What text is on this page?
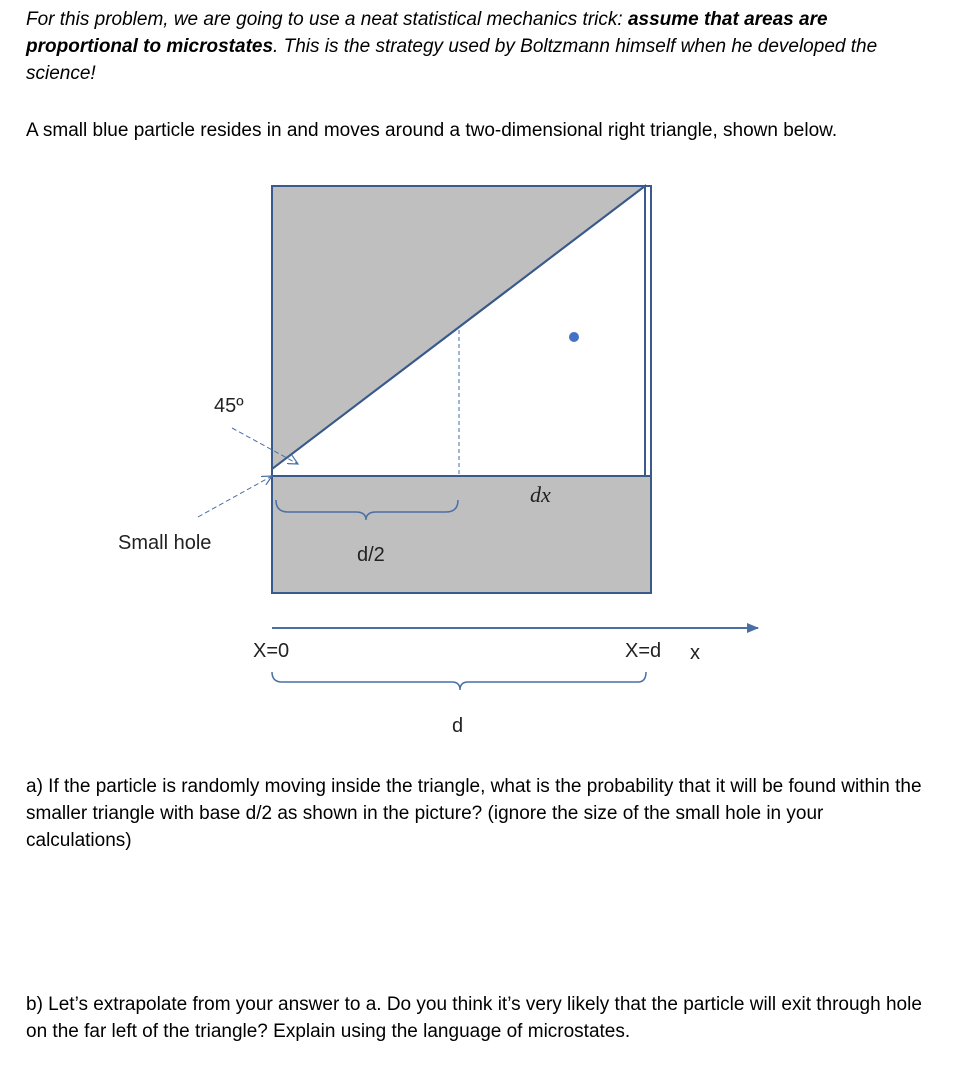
For this problem, we are going to use a neat statistical mechanics trick: assume that areas are proportional to microstates. This is the strategy used by Boltzmann himself when he developed the science!

A small blue particle resides in and moves around a two-dimensional right triangle, shown below.

45º
Small hole
d/2
dx
X=0	X=d x
d

a) If the particle is randomly moving inside the triangle, what is the probability that it will be found within the smaller triangle with base d/2 as shown in the picture? (ignore the size of the small hole in your calculations)

b) Let’s extrapolate from your answer to a. Do you think it’s very likely that the particle will exit through hole on the far left of the triangle? Explain using the language of microstates.
